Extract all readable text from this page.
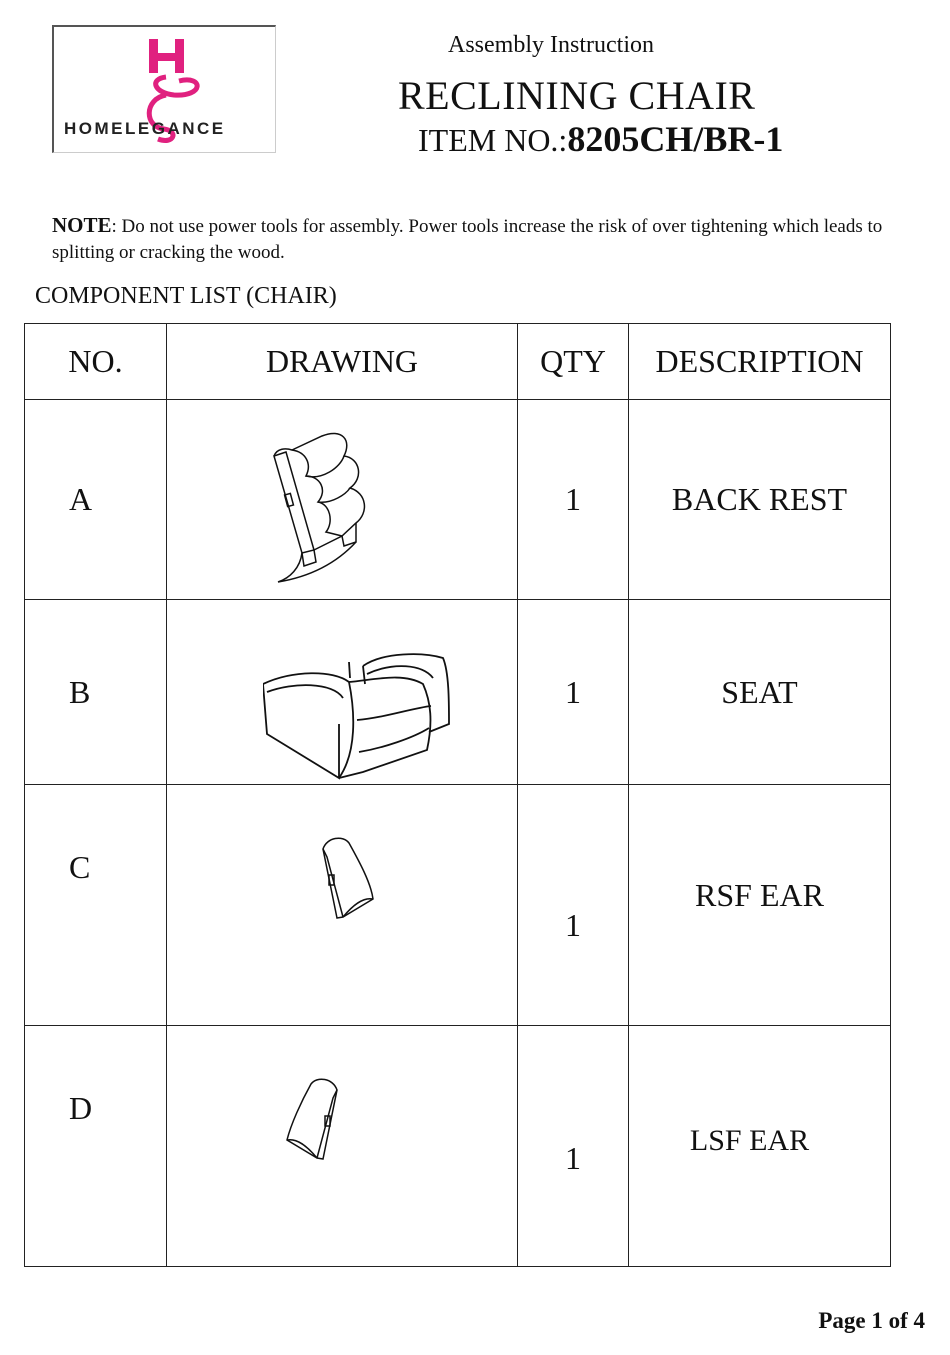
HOMELEGANCE
Assembly Instruction
RECLINING CHAIR
ITEM NO.:8205CH/BR-1
NOTE: Do not use power tools for assembly. Power tools increase the risk of over tightening which leads to splitting or cracking the wood.
COMPONENT LIST (CHAIR)
NO.	DRAWING	QTY	DESCRIPTION
A		1	BACK REST
B		1	SEAT
C		1	RSF EAR
D		1	LSF EAR
Page 1 of 4
